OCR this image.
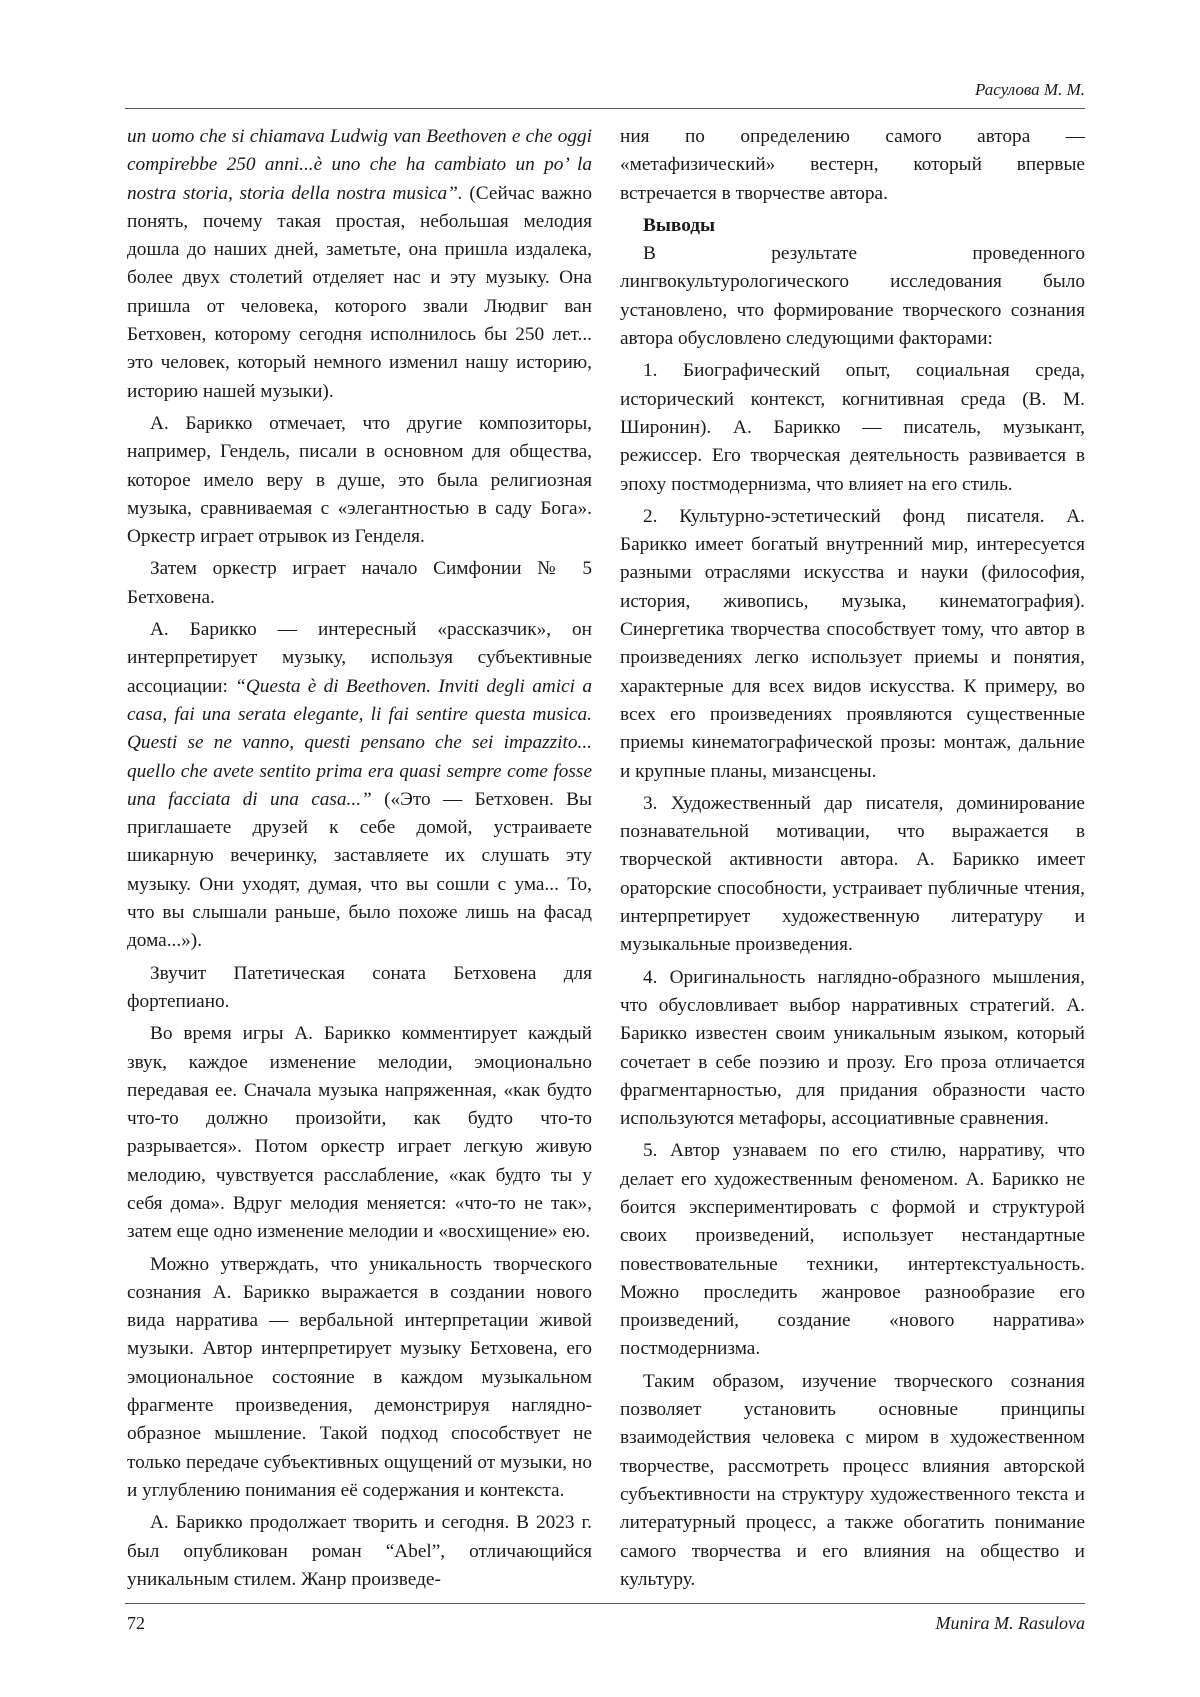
Расулова М. М.

un uomo che si chiamava Ludwig van Beethoven e che oggi compirebbe 250 anni...è uno che ha cambiato un po’ la nostra storia, storia della nostra musica”. (Сейчас важно понять, почему такая простая, небольшая мелодия дошла до наших дней, заметьте, она пришла издалека, более двух столетий отделяет нас и эту музыку. Она пришла от человека, которого звали Людвиг ван Бетховен, которому сегодня исполнилось бы 250 лет... это человек, который немного изменил нашу историю, историю нашей музыки).

А. Барикко отмечает, что другие композиторы, например, Гендель, писали в основном для общества, которое имело веру в душе, это была религиозная музыка, сравниваемая с «элегантностью в саду Бога». Оркестр играет отрывок из Генделя.

Затем оркестр играет начало Симфонии № 5 Бетховена.

А. Барикко — интересный «рассказчик», он интерпретирует музыку, используя субъективные ассоциации: “Questa è di Beethoven. Inviti degli amici a casa, fai una serata elegante, li fai sentire questa musica. Questi se ne vanno, questi pensano che sei impazzito... quello che avete sentito prima era quasi sempre come fosse una facciata di una casa...” («Это — Бетховен. Вы приглашаете друзей к себе домой, устраиваете шикарную вечеринку, заставляете их слушать эту музыку. Они уходят, думая, что вы сошли с ума... То, что вы слышали раньше, было похоже лишь на фасад дома...»).

Звучит Патетическая соната Бетховена для фортепиано.

Во время игры А. Барикко комментирует каждый звук, каждое изменение мелодии, эмоционально передавая ее. Сначала музыка напряженная, «как будто что-то должно произойти, как будто что-то разрывается». Потом оркестр играет легкую живую мелодию, чувствуется расслабление, «как будто ты у себя дома». Вдруг мелодия меняется: «что-то не так», затем еще одно изменение мелодии и «восхищение» ею.

Можно утверждать, что уникальность творческого сознания А. Барикко выражается в создании нового вида нарратива — вербальной интерпретации живой музыки. Автор интерпретирует музыку Бетховена, его эмоциональное состояние в каждом музыкальном фрагменте произведения, демонстрируя наглядно-образное мышление. Такой подход способствует не только передаче субъективных ощущений от музыки, но и углублению понимания её содержания и контекста.

А. Барикко продолжает творить и сегодня. В 2023 г. был опубликован роман “Abel”, отличающийся уникальным стилем. Жанр произведе-

ния по определению самого автора — «метафизический» вестерн, который впервые встречается в творчестве автора.

Выводы

В результате проведенного лингвокультурологического исследования было установлено, что формирование творческого сознания автора обусловлено следующими факторами:

1. Биографический опыт, социальная среда, исторический контекст, когнитивная среда (В. М. Широнин). А. Барикко — писатель, музыкант, режиссер. Его творческая деятельность развивается в эпоху постмодернизма, что влияет на его стиль.

2. Культурно-эстетический фонд писателя. А. Барикко имеет богатый внутренний мир, интересуется разными отраслями искусства и науки (философия, история, живопись, музыка, кинематография). Синергетика творчества способствует тому, что автор в произведениях легко использует приемы и понятия, характерные для всех видов искусства. К примеру, во всех его произведениях проявляются существенные приемы кинематографической прозы: монтаж, дальние и крупные планы, мизансцены.

3. Художественный дар писателя, доминирование познавательной мотивации, что выражается в творческой активности автора. А. Барикко имеет ораторские способности, устраивает публичные чтения, интерпретирует художественную литературу и музыкальные произведения.

4. Оригинальность наглядно-образного мышления, что обусловливает выбор нарративных стратегий. А. Барикко известен своим уникальным языком, который сочетает в себе поэзию и прозу. Его проза отличается фрагментарностью, для придания образности часто используются метафоры, ассоциативные сравнения.

5. Автор узнаваем по его стилю, нарративу, что делает его художественным феноменом. А. Барикко не боится экспериментировать с формой и структурой своих произведений, использует нестандартные повествовательные техники, интертекстуальность. Можно проследить жанровое разнообразие его произведений, создание «нового нарратива» постмодернизма.

Таким образом, изучение творческого сознания позволяет установить основные принципы взаимодействия человека с миром в художественном творчестве, рассмотреть процесс влияния авторской субъективности на структуру художественного текста и литературный процесс, а также обогатить понимание самого творчества и его влияния на общество и культуру.

72	Munira M. Rasulova
